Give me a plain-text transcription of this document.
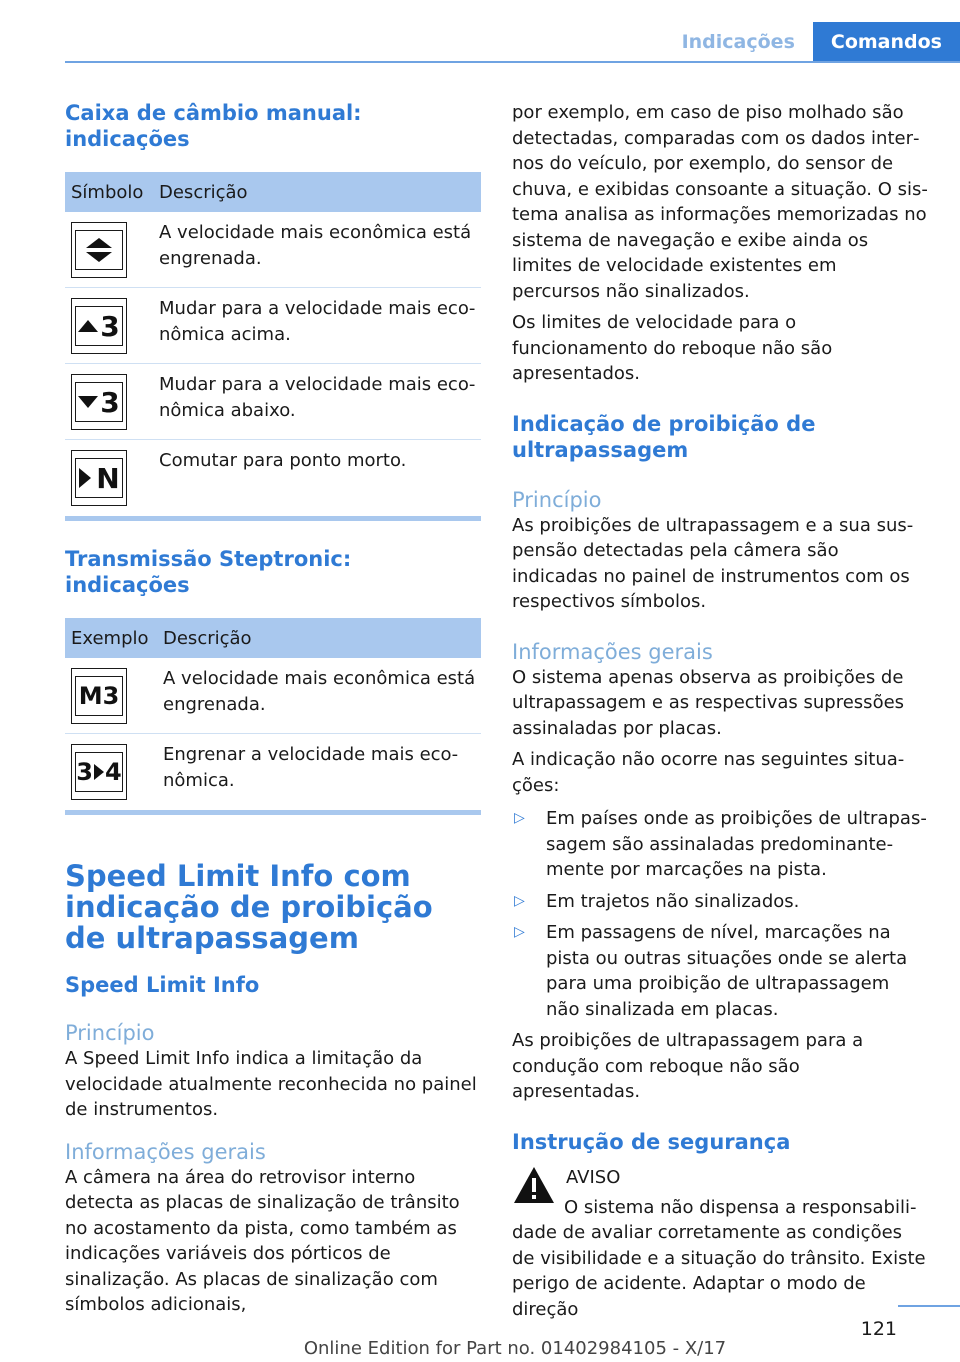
Indicações	Comandos
Caixa de câmbio manual: indicações
Símbolo Descrição
A velocidade mais econômica está engrenada.
3
Mudar para a velocidade mais econômica acima.
3
Mudar para a velocidade mais econômica abaixo.
N
Comutar para ponto morto.
Transmissão Steptronic: indicações
Exemplo Descrição
M3
A velocidade mais econômica está engrenada.
3 4
Engrenar a velocidade mais econômica.
Speed Limit Info com indicação de proibição de ultrapassagem
Speed Limit Info
Princípio
A Speed Limit Info indica a limitação da velocidade atualmente reconhecida no painel de instrumentos.
Informações gerais
A câmera na área do retrovisor interno detecta as placas de sinalização de trânsito no acostamento da pista, como também as indicações variáveis dos pórticos de sinalização. As placas de sinalização com símbolos adicionais,
por exemplo, em caso de piso molhado são detectadas, comparadas com os dados internos do veículo, por exemplo, do sensor de chuva, e exibidas consoante a situação. O sistema analisa as informações memorizadas no sistema de navegação e exibe ainda os limites de velocidade existentes em percursos não sinalizados.
Os limites de velocidade para o funcionamento do reboque não são apresentados.
Indicação de proibição de ultrapassagem
Princípio
As proibições de ultrapassagem e a sua suspensão detectadas pela câmera são indicadas no painel de instrumentos com os respectivos símbolos.
Informações gerais
O sistema apenas observa as proibições de ultrapassagem e as respectivas supressões assinaladas por placas.
A indicação não ocorre nas seguintes situações:
▷ Em países onde as proibições de ultrapassagem são assinaladas predominantemente por marcações na pista.
▷ Em trajetos não sinalizados.
▷ Em passagens de nível, marcações na pista ou outras situações onde se alerta para uma proibição de ultrapassagem não sinalizada em placas.
As proibições de ultrapassagem para a condução com reboque não são apresentadas.
Instrução de segurança
AVISO
O sistema não dispensa a responsabilidade de avaliar corretamente as condições de visibilidade e a situação do trânsito. Existe perigo de acidente. Adaptar o modo de direção
121
Online Edition for Part no. 01402984105 - X/17
